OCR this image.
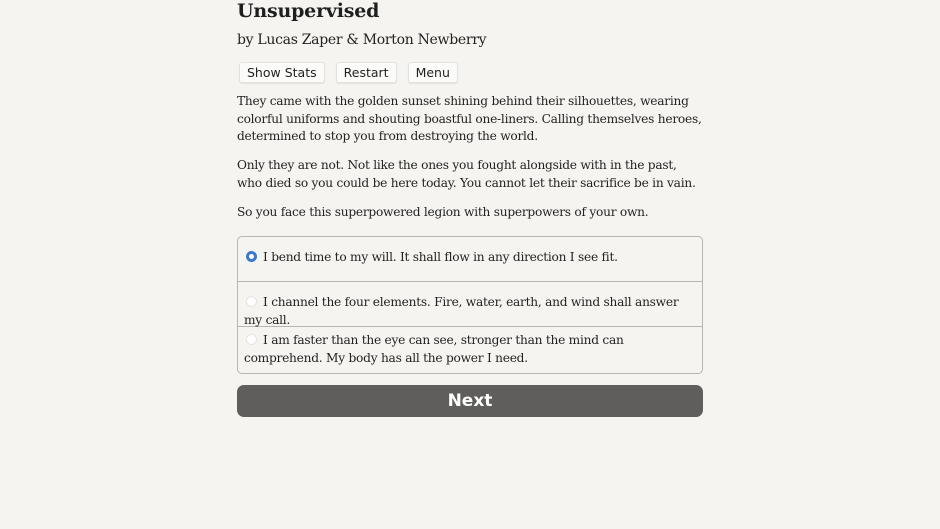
Unsupervised
by Lucas Zaper & Morton Newberry
Show Stats	Restart	Menu

They came with the golden sunset shining behind their silhouettes, wearing colorful uniforms and shouting boastful one-liners. Calling themselves heroes, determined to stop you from destroying the world.

Only they are not. Not like the ones you fought alongside with in the past, who died so you could be here today. You cannot let their sacrifice be in vain.

So you face this superpowered legion with superpowers of your own.

I bend time to my will. It shall flow in any direction I see fit.
I channel the four elements. Fire, water, earth, and wind shall answer my call.
I am faster than the eye can see, stronger than the mind can comprehend. My body has all the power I need.
Next
